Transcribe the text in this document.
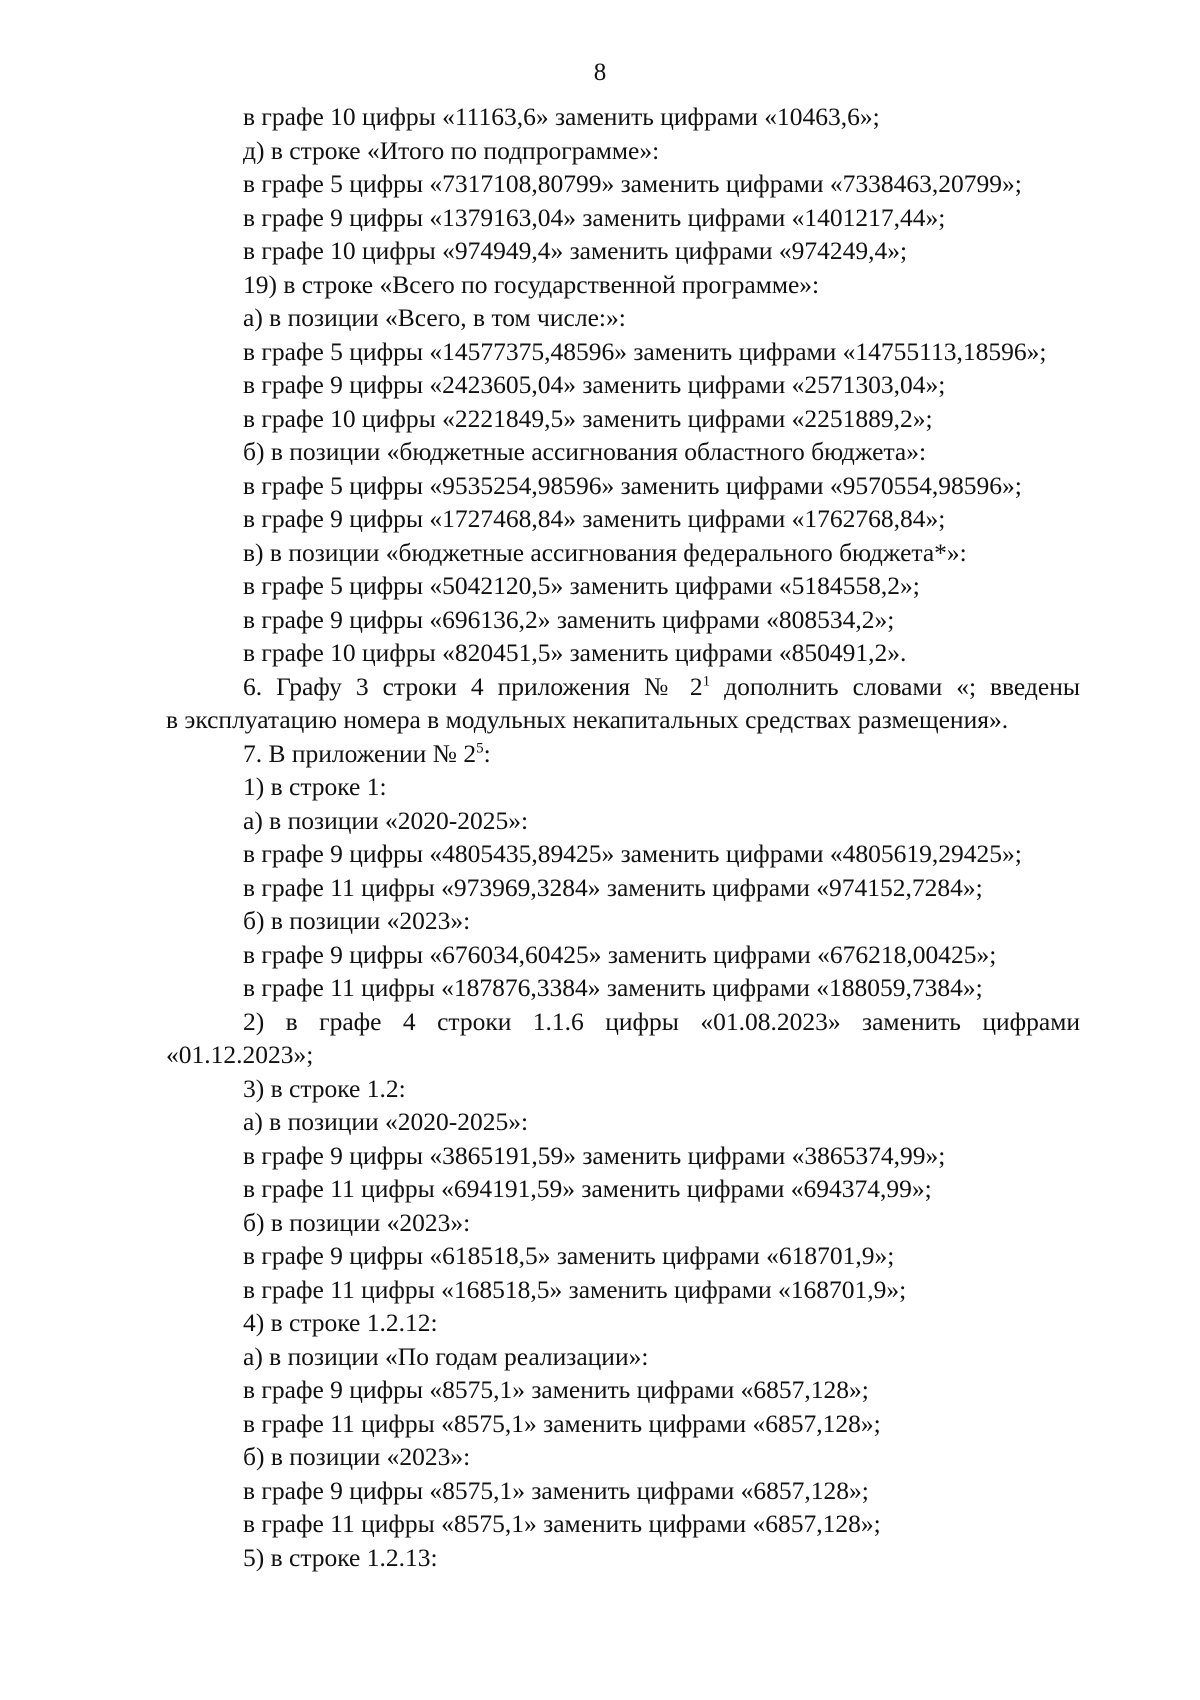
8
в графе 10 цифры «11163,6» заменить цифрами «10463,6»;
д) в строке «Итого по подпрограмме»:
в графе 5 цифры «7317108,80799» заменить цифрами «7338463,20799»;
в графе 9 цифры «1379163,04» заменить цифрами «1401217,44»;
в графе 10 цифры «974949,4» заменить цифрами «974249,4»;
19) в строке «Всего по государственной программе»:
а) в позиции «Всего, в том числе:»:
в графе 5 цифры «14577375,48596» заменить цифрами «14755113,18596»;
в графе 9 цифры «2423605,04» заменить цифрами «2571303,04»;
в графе 10 цифры «2221849,5» заменить цифрами «2251889,2»;
б) в позиции «бюджетные ассигнования областного бюджета»:
в графе 5 цифры «9535254,98596» заменить цифрами «9570554,98596»;
в графе 9 цифры «1727468,84» заменить цифрами «1762768,84»;
в) в позиции «бюджетные ассигнования федерального бюджета*»:
в графе 5 цифры «5042120,5» заменить цифрами «5184558,2»;
в графе 9 цифры «696136,2» заменить цифрами «808534,2»;
в графе 10 цифры «820451,5» заменить цифрами «850491,2».
6. Графу 3 строки 4 приложения № $2^1$ дополнить словами «; введены
в эксплуатацию номера в модульных некапитальных средствах размещения».
7. В приложении № $2^5$:
1) в строке 1:
а) в позиции «2020-2025»:
в графе 9 цифры «4805435,89425» заменить цифрами «4805619,29425»;
в графе 11 цифры «973969,3284» заменить цифрами «974152,7284»;
б) в позиции «2023»:
в графе 9 цифры «676034,60425» заменить цифрами «676218,00425»;
в графе 11 цифры «187876,3384» заменить цифрами «188059,7384»;
2) в графе 4 строки 1.1.6 цифры «01.08.2023» заменить цифрами
«01.12.2023»;
3) в строке 1.2:
а) в позиции «2020-2025»:
в графе 9 цифры «3865191,59» заменить цифрами «3865374,99»;
в графе 11 цифры «694191,59» заменить цифрами «694374,99»;
б) в позиции «2023»:
в графе 9 цифры «618518,5» заменить цифрами «618701,9»;
в графе 11 цифры «168518,5» заменить цифрами «168701,9»;
4) в строке 1.2.12:
а) в позиции «По годам реализации»:
в графе 9 цифры «8575,1» заменить цифрами «6857,128»;
в графе 11 цифры «8575,1» заменить цифрами «6857,128»;
б) в позиции «2023»:
в графе 9 цифры «8575,1» заменить цифрами «6857,128»;
в графе 11 цифры «8575,1» заменить цифрами «6857,128»;
5) в строке 1.2.13:
